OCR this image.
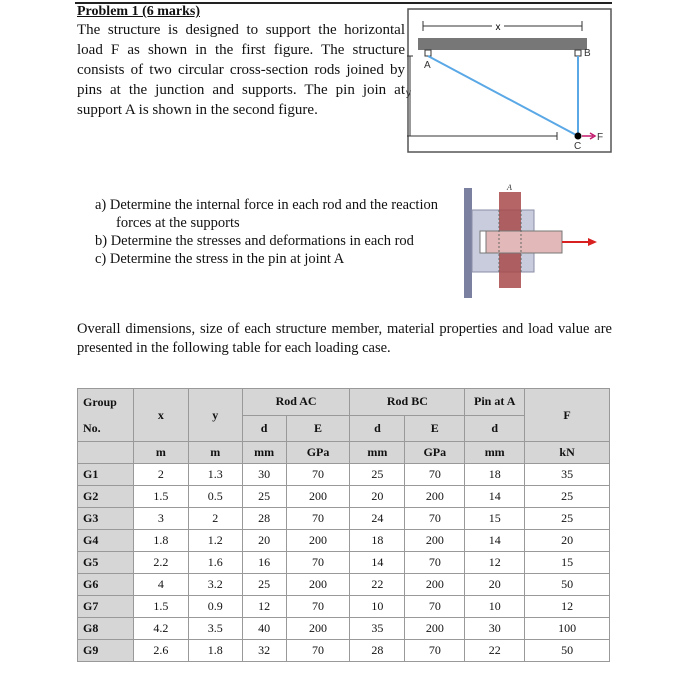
Problem 1 (6 marks)
The structure is designed to support the horizontal load F as shown in the first figure. The structure consists of two circular cross-section rods joined by pins at the junction and supports. The pin join at support A is shown in the second figure.
x
A
B
C
F
y
a) Determine the internal force in each rod and the reaction forces at the supports
b) Determine the stresses and deformations in each rod
c) Determine the stress in the pin at joint A
A
Overall dimensions, size of each structure member, material properties and load value are presented in the following table for each loading case.
Group No.	x	y	Rod AC		Rod BC		Pin at A	F
			d	E	d	E	d	
	m	m	mm	GPa	mm	GPa	mm	kN
G1	2	1.3	30	70	25	70	18	35
G2	1.5	0.5	25	200	20	200	14	25
G3	3	2	28	70	24	70	15	25
G4	1.8	1.2	20	200	18	200	14	20
G5	2.2	1.6	16	70	14	70	12	15
G6	4	3.2	25	200	22	200	20	50
G7	1.5	0.9	12	70	10	70	10	12
G8	4.2	3.5	40	200	35	200	30	100
G9	2.6	1.8	32	70	28	70	22	50
